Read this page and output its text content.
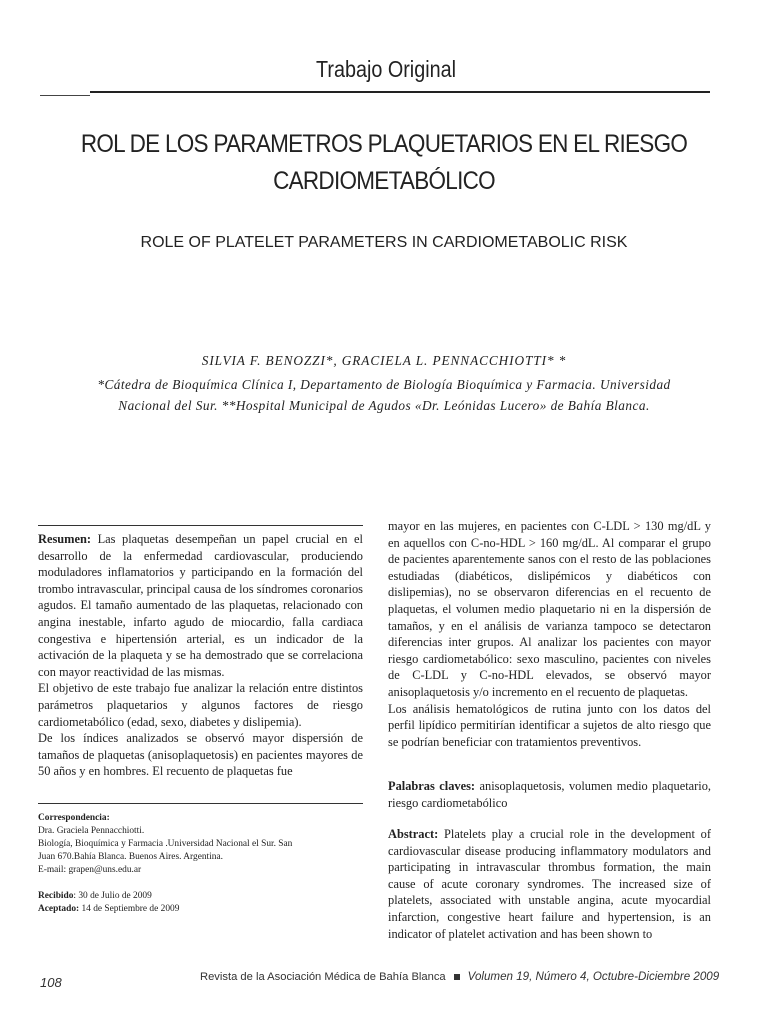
Trabajo Original
ROL DE LOS PARAMETROS PLAQUETARIOS EN EL RIESGO
CARDIOMETABÓLICO
ROLE OF PLATELET PARAMETERS IN CARDIOMETABOLIC RISK
SILVIA F. BENOZZI*, GRACIELA L. PENNACCHIOTTI* *
*Cátedra de Bioquímica Clínica I, Departamento de Biología Bioquímica y Farmacia. Universidad
Nacional del Sur. **Hospital Municipal de Agudos «Dr. Leónidas Lucero» de Bahía Blanca.

Resumen: Las plaquetas desempeñan un papel crucial en el desarrollo de la enfermedad cardiovascular, produciendo moduladores inflamatorios y participando en la formación del trombo intravascular, principal causa de los síndromes coronarios agudos. El tamaño aumentado de las plaquetas, relacionado con angina inestable, infarto agudo de miocardio, falla cardiaca congestiva e hipertensión arterial, es un indicador de la activación de la plaqueta y se ha demostrado que se correlaciona con mayor reactividad de las mismas.

El objetivo de este trabajo fue analizar la relación entre distintos parámetros plaquetarios y algunos factores de riesgo cardiometabólico (edad, sexo, diabetes y dislipemia).

De los índices analizados se observó mayor dispersión de tamaños de plaquetas (anisoplaquetosis) en pacientes mayores de 50 años y en hombres. El recuento de plaquetas fue

Correspondencia:

Dra. Graciela Pennacchiotti.

Biología, Bioquímica y Farmacia .Universidad Nacional el Sur. San

Juan 670.Bahía Blanca. Buenos Aires. Argentina.

E-mail: grapen@uns.edu.ar

Recibido: 30 de Julio de 2009
Aceptado: 14 de Septiembre de 2009

mayor en las mujeres, en pacientes con C-LDL > 130 mg/dL y en aquellos con C-no-HDL > 160 mg/dL. Al comparar el grupo de pacientes aparentemente sanos con el resto de las poblaciones estudiadas (diabéticos, dislipémicos y diabéticos con dislipemias), no se observaron diferencias en el recuento de plaquetas, el volumen medio plaquetario ni en la dispersión de tamaños, y en el análisis de varianza tampoco se detectaron diferencias inter grupos. Al analizar los pacientes con mayor riesgo cardiometabólico: sexo masculino, pacientes con niveles de C-LDL y C-no-HDL elevados, se observó mayor anisoplaquetosis y/o incremento en el recuento de plaquetas.

Los análisis hematológicos de rutina junto con los datos del perfil lipídico permitirían identificar a sujetos de alto riesgo que se podrían beneficiar con tratamientos preventivos.

Palabras claves: anisoplaquetosis, volumen medio plaquetario, riesgo cardiometabólico

Abstract: Platelets play a crucial role in the development of cardiovascular disease producing inflammatory modulators and participating in intravascular thrombus formation, the main cause of acute coronary syndromes. The increased size of platelets, associated with unstable angina, acute myocardial infarction, congestive heart failure and hypertension, is an indicator of platelet activation and has been shown to

108	Revista de la Asociación Médica de Bahía Blanca Volumen 19, Número 4, Octubre-Diciembre 2009
